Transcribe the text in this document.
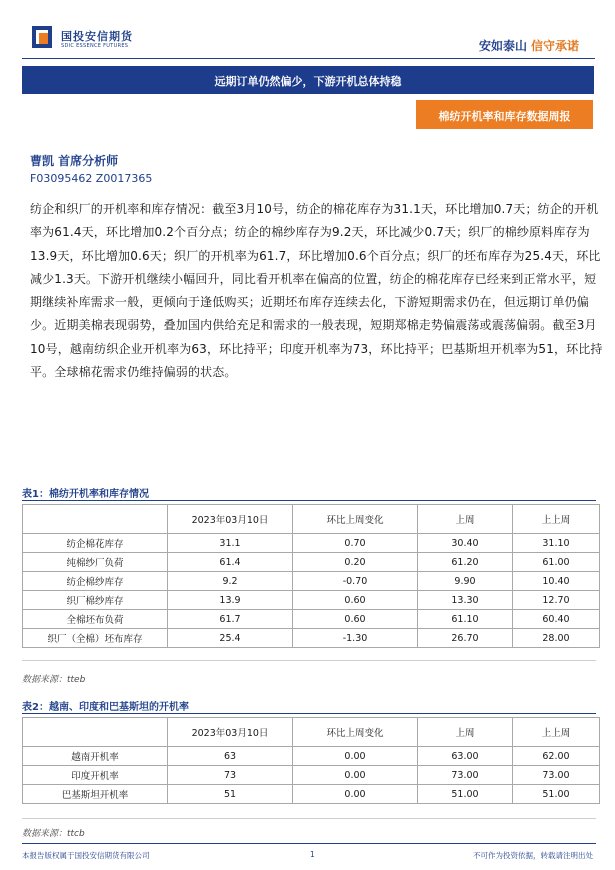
国投安信期货
SDIC ESSENCE FUTURES	安如泰山 信守承诺
远期订单仍然偏少，下游开机总体持稳
棉纺开机率和库存数据周报
曹凯 首席分析师
F03095462 Z0017365

纺企和织厂的开机率和库存情况：截至3月10号，纺企的棉花库存为31.1天，环比增加0.7天；纺企的开机率为61.4天，环比增加0.2个百分点；纺企的棉纱库存为9.2天，环比减少0.7天；织厂的棉纱原料库存为13.9天，环比增加0.6天；织厂的开机率为61.7，环比增加0.6个百分点；织厂的坯布库存为25.4天，环比减少1.3天。下游开机继续小幅回升，同比看开机率在偏高的位置，纺企的棉花库存已经来到正常水平，短期继续补库需求一般，更倾向于逢低购买；近期坯布库存连续去化，下游短期需求仍在，但远期订单仍偏少。近期美棉表现弱势，叠加国内供给充足和需求的一般表现，短期郑棉走势偏震荡或震荡偏弱。截至3月10号，越南纺织企业开机率为63，环比持平；印度开机率为73，环比持平；巴基斯坦开机率为51，环比持平。全球棉花需求仍维持偏弱的状态。

表1：棉纺开机率和库存情况
	2023年03月10日	环比上周变化	上周	上上周
纺企棉花库存	31.1	0.70	30.40	31.10
纯棉纱厂负荷	61.4	0.20	61.20	61.00
纺企棉纱库存	9.2	-0.70	9.90	10.40
织厂棉纱库存	13.9	0.60	13.30	12.70
全棉坯布负荷	61.7	0.60	61.10	60.40
织厂（全棉）坯布库存	25.4	-1.30	26.70	28.00
数据来源：tteb
表2：越南、印度和巴基斯坦的开机率
	2023年03月10日	环比上周变化	上周	上上周
越南开机率	63	0.00	63.00	62.00
印度开机率	73	0.00	73.00	73.00
巴基斯坦开机率	51	0.00	51.00	51.00
数据来源：ttcb
本报告版权属于国投安信期货有限公司	1	不可作为投资依据，转载请注明出处
